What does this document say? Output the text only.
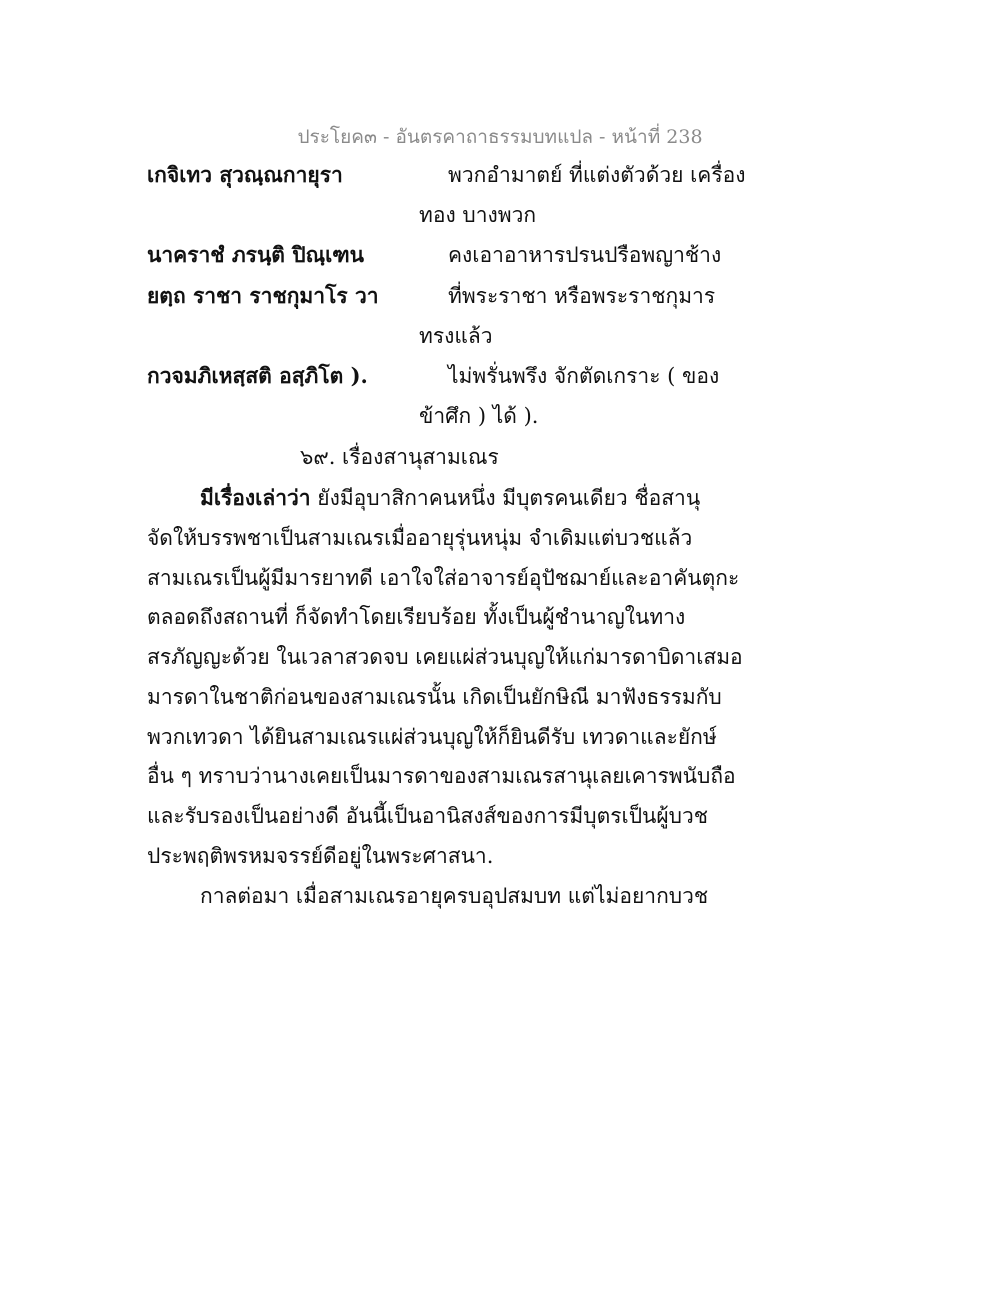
ประโยค๓ - อันตรคาถาธรรมบทแปล - หน้าที่ 238
เกจิเทว สุวณฺณกายุรา	พวกอำมาตย์ ที่แต่งตัวด้วย เครื่อง
ทอง บางพวก
นาคราชํ ภรนฺติ ปิณฺเฑน	คงเอาอาหารปรนปรือพญาช้าง
ยตฺถ ราชา ราชกุมาโร วา	ที่พระราชา หรือพระราชกุมาร
ทรงแล้ว
กวจมภิเหสฺสติ อสฺภิโต ).	ไม่พรั่นพรึง จักตัดเกราะ ( ของ
ข้าศึก ) ได้ ).
๖๙. เรื่องสานุสามเณร
มีเรื่องเล่าว่า ยังมีอุบาสิกาคนหนึ่ง มีบุตรคนเดียว ชื่อสานุ
จัดให้บรรพชาเป็นสามเณรเมื่ออายุรุ่นหนุ่ม จำเดิมแต่บวชแล้ว
สามเณรเป็นผู้มีมารยาทดี เอาใจใส่อาจารย์อุปัชฌาย์และอาคันตุกะ
ตลอดถึงสถานที่ ก็จัดทำโดยเรียบร้อย ทั้งเป็นผู้ชำนาญในทาง
สรภัญญะด้วย ในเวลาสวดจบ เคยแผ่ส่วนบุญให้แก่มารดาบิดาเสมอ
มารดาในชาติก่อนของสามเณรนั้น เกิดเป็นยักษิณี มาฟังธรรมกับ
พวกเทวดา ได้ยินสามเณรแผ่ส่วนบุญให้ก็ยินดีรับ เทวดาและยักษ์
อื่น ๆ ทราบว่านางเคยเป็นมารดาของสามเณรสานุเลยเคารพนับถือ
และรับรองเป็นอย่างดี อันนี้เป็นอานิสงส์ของการมีบุตรเป็นผู้บวช
ประพฤติพรหมจรรย์ดีอยู่ในพระศาสนา.
กาลต่อมา เมื่อสามเณรอายุครบอุปสมบท แต่ไม่อยากบวช
